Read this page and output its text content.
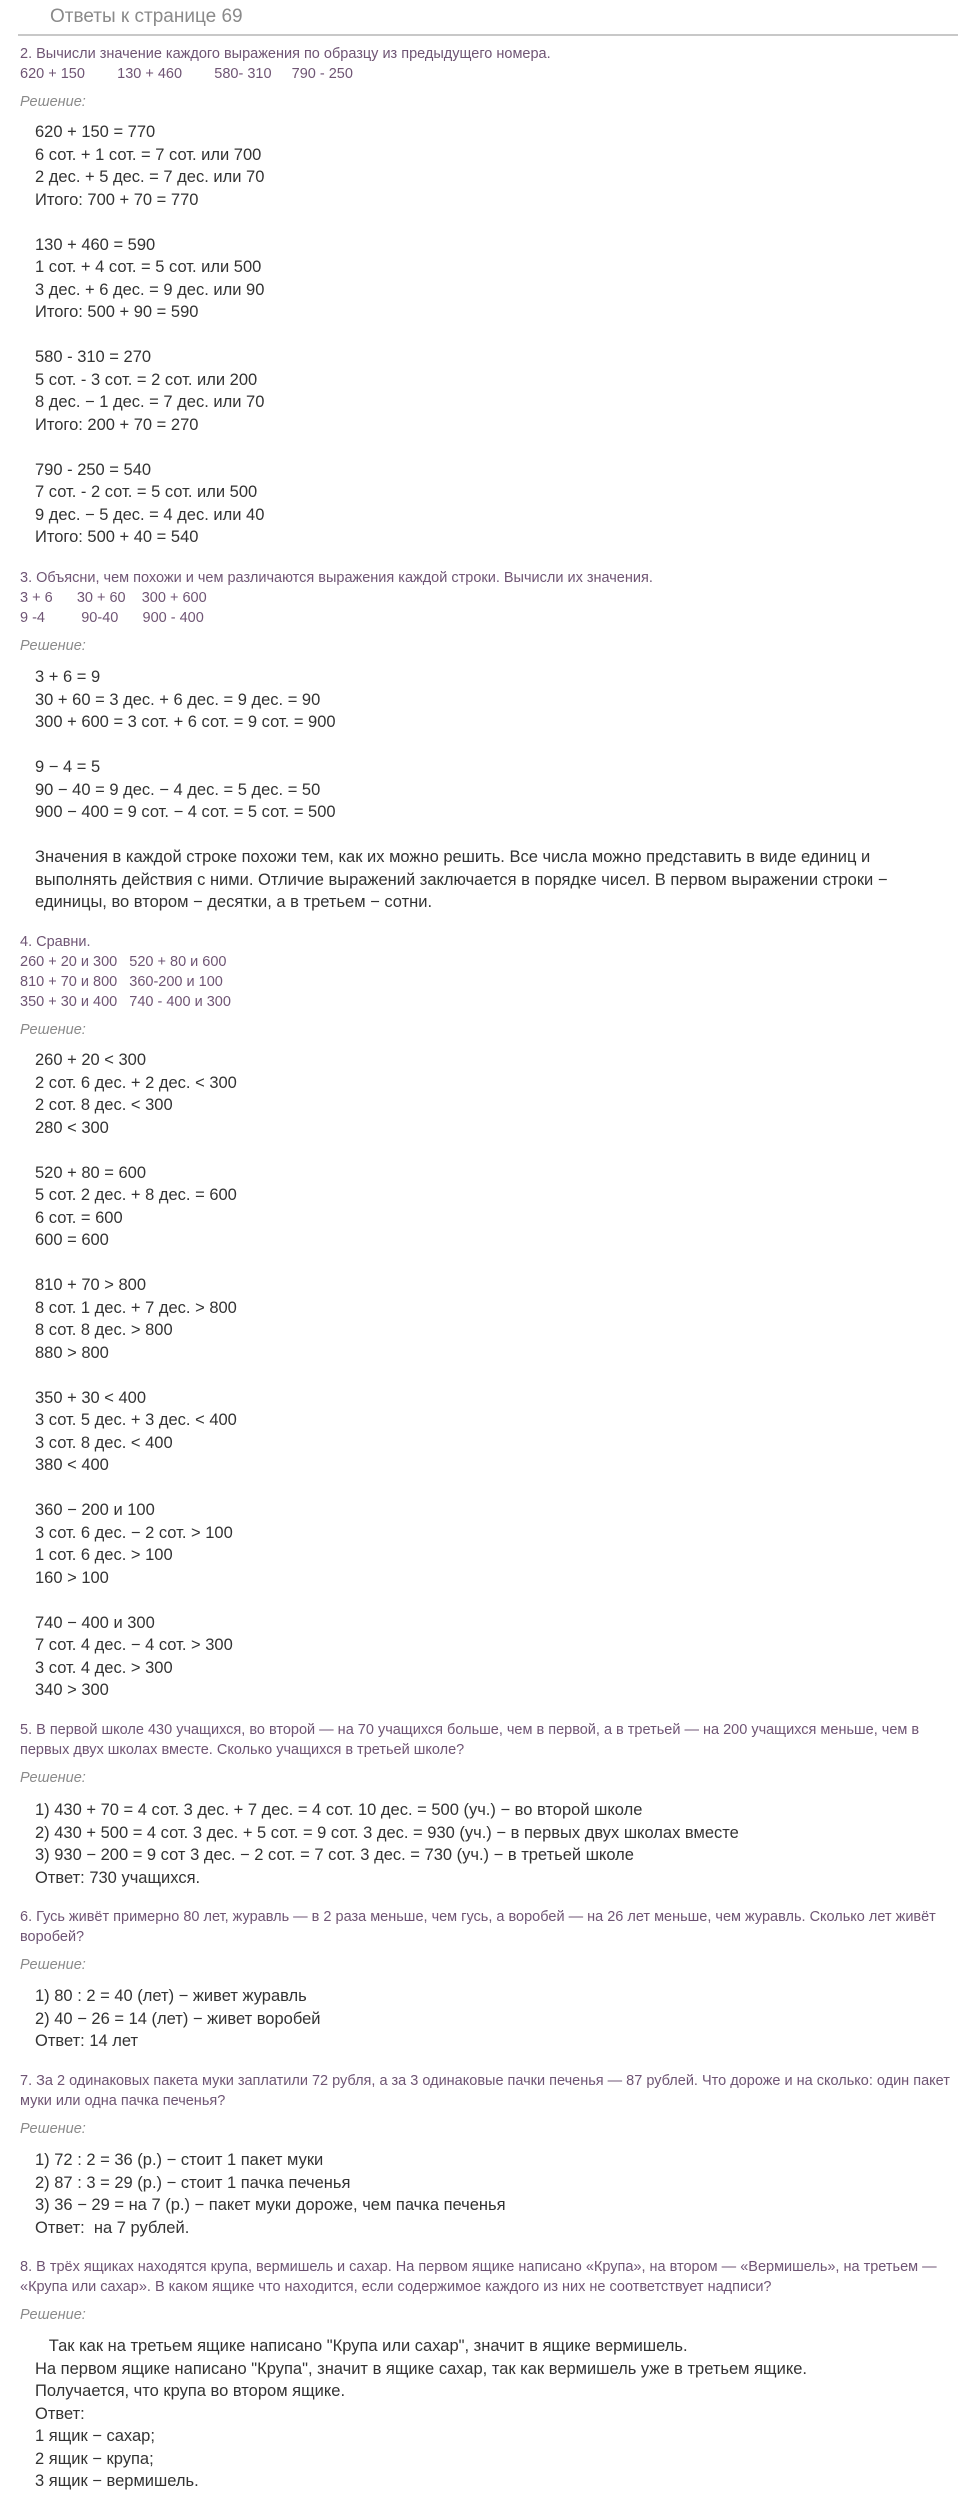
Ответы к странице 69

2. Вычисли значение каждого выражения по образцу из предыдущего номера.

620 + 150        130 + 460        580- 310     790 - 250

Решение:

620 + 150 = 770

6 сот. + 1 сот. = 7 сот. или 700

2 дес. + 5 дес. = 7 дес. или 70

Итого: 700 + 70 = 770

130 + 460 = 590

1 сот. + 4 сот. = 5 сот. или 500

3 дес. + 6 дес. = 9 дес. или 90

Итого: 500 + 90 = 590

580 - 310 = 270

5 сот. - 3 сот. = 2 сот. или 200

8 дес. − 1 дес. = 7 дес. или 70

Итого: 200 + 70 = 270

790 - 250 = 540

7 сот. - 2 сот. = 5 сот. или 500

9 дес. − 5 дес. = 4 дес. или 40

Итого: 500 + 40 = 540

3. Объясни, чем похожи и чем различаются выражения каждой строки. Вычисли их значения.

3 + 6      30 + 60    300 + 600

9 -4         90-40      900 - 400

Решение:

3 + 6 = 9

30 + 60 = 3 дес. + 6 дес. = 9 дес. = 90

300 + 600 = 3 сот. + 6 сот. = 9 сот. = 900

9 − 4 = 5

90 − 40 = 9 дес. − 4 дес. = 5 дес. = 50

900 − 400 = 9 сот. − 4 сот. = 5 сот. = 500

Значения в каждой строке похожи тем, как их можно решить. Все числа можно представить в виде единиц и выполнять действия с ними. Отличие выражений заключается в порядке чисел. В первом выражении строки − единицы, во втором − десятки, а в третьем − сотни.

4. Сравни.

260 + 20 и 300   520 + 80 и 600

810 + 70 и 800   360-200 и 100

350 + 30 и 400   740 - 400 и 300

Решение:

260 + 20 < 300

2 сот. 6 дес. + 2 дес. < 300

2 сот. 8 дес. < 300

280 < 300

520 + 80 = 600

5 сот. 2 дес. + 8 дес. = 600

6 сот. = 600

600 = 600

810 + 70 > 800

8 сот. 1 дес. + 7 дес. > 800

8 сот. 8 дес. > 800

880 > 800

350 + 30 < 400

3 сот. 5 дес. + 3 дес. < 400

3 сот. 8 дес. < 400

380 < 400

360 − 200 и 100

3 сот. 6 дес. − 2 сот. > 100

1 сот. 6 дес. > 100

160 > 100

740 − 400 и 300

7 сот. 4 дес. − 4 сот. > 300

3 сот. 4 дес. > 300

340 > 300

5. В первой школе 430 учащихся, во второй — на 70 учащихся больше, чем в первой, а в третьей — на 200 учащихся меньше, чем в первых двух школах вместе. Сколько учащихся в третьей школе?

Решение:

1) 430 + 70 = 4 сот. 3 дес. + 7 дес. = 4 сот. 10 дес. = 500 (уч.) − во второй школе

2) 430 + 500 = 4 сот. 3 дес. + 5 сот. = 9 сот. 3 дес. = 930 (уч.) − в первых двух школах вместе

3) 930 − 200 = 9 сот 3 дес. − 2 сот. = 7 сот. 3 дес. = 730 (уч.) − в третьей школе

Ответ: 730 учащихся.

6. Гусь живёт примерно 80 лет, журавль — в 2 раза меньше, чем гусь, а воробей — на 26 лет меньше, чем журавль. Сколько лет живёт воробей?

Решение:

1) 80 : 2 = 40 (лет) − живет журавль

2) 40 − 26 = 14 (лет) − живет воробей

Ответ: 14 лет

7. За 2 одинаковых пакета муки заплатили 72 рубля, а за 3 одинаковые пачки печенья — 87 рублей. Что дороже и на сколько: один пакет муки или одна пачка печенья?

Решение:

1) 72 : 2 = 36 (р.) − стоит 1 пакет муки

2) 87 : 3 = 29 (р.) − стоит 1 пачка печенья

3) 36 − 29 = на 7 (р.) − пакет муки дороже, чем пачка печенья

Ответ:  на 7 рублей.

8. В трёх ящиках находятся крупа, вермишель и сахар. На первом ящике написано «Крупа», на втором — «Вермишель», на третьем — «Крупа или сахар». В каком ящике что находится, если содержимое каждого из них не соответствует надписи?

Решение:

Так как на третьем ящике написано "Крупа или сахар", значит в ящике вермишель.

На первом ящике написано "Крупа", значит в ящике сахар, так как вермишель уже в третьем ящике.

Получается, что крупа во втором ящике.

Ответ:

1 ящик − сахар;

2 ящик − крупа;

3 ящик − вермишель.
